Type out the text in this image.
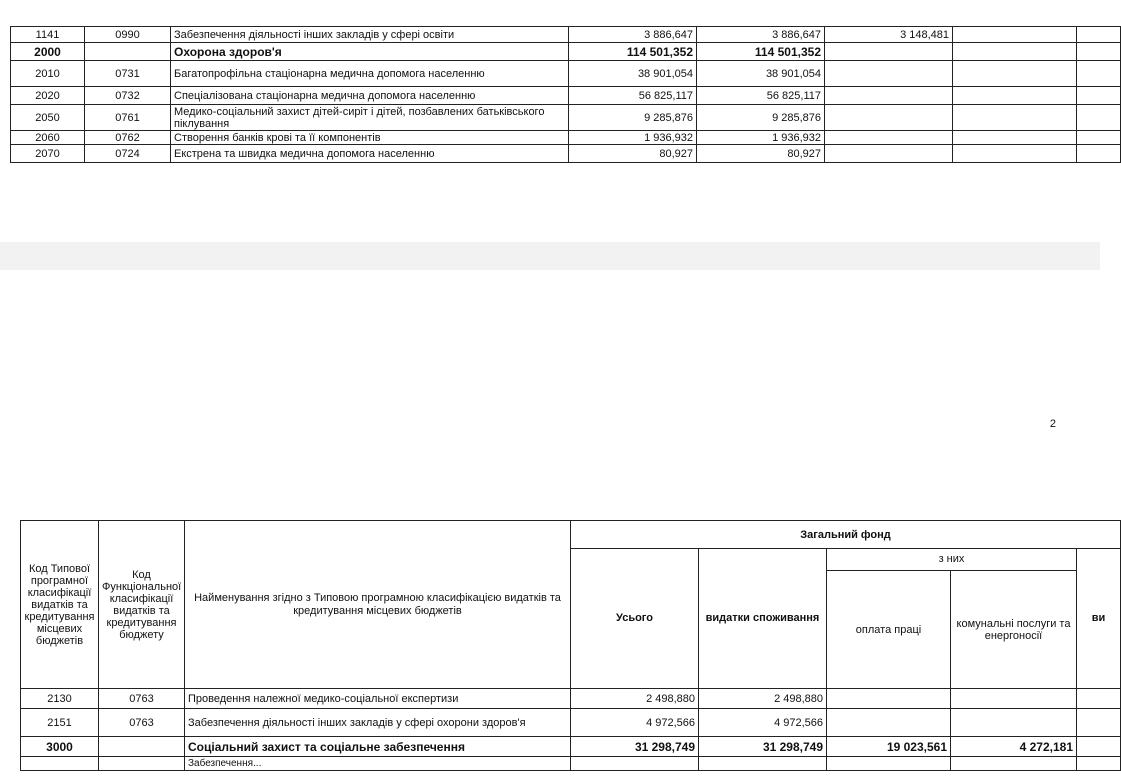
1141	0990	Забезпечення діяльності інших закладів у сфері освіти	3 886,647	3 886,647	3 148,481		
2000		Охорона здоров'я	114 501,352	114 501,352			
2010	0731	Багатопрофільна стаціонарна медична допомога населенню	38 901,054	38 901,054			
2020	0732	Спеціалізована стаціонарна медична допомога населенню	56 825,117	56 825,117			
2050	0761	Медико-соціальний захист дітей-сиріт і дітей, позбавлених батьківського піклування	9 285,876	9 285,876			
2060	0762	Створення банків крові та її компонентів	1 936,932	1 936,932			
2070	0724	Екстрена та швидка медична допомога населенню	80,927	80,927			
2
Код Типової програмної класифікації видатків та кредитування місцевих бюджетів	Код Функціональної класифікації видатків та кредитування бюджету	Найменування згідно з Типовою програмною класифікацією видатків та кредитування місцевих бюджетів	Загальний фонд				
			Усього	видатки споживання	з них		ви
					оплата праці	комунальні послуги та енергоносії	
2130	0763	Проведення належної медико-соціальної експертизи	2 498,880	2 498,880			
2151	0763	Забезпечення діяльності інших закладів у сфері охорони здоров'я	4 972,566	4 972,566			
3000		Соціальний захист та соціальне забезпечення	31 298,749	31 298,749	19 023,561	4 272,181	
		Забезпечення...					
